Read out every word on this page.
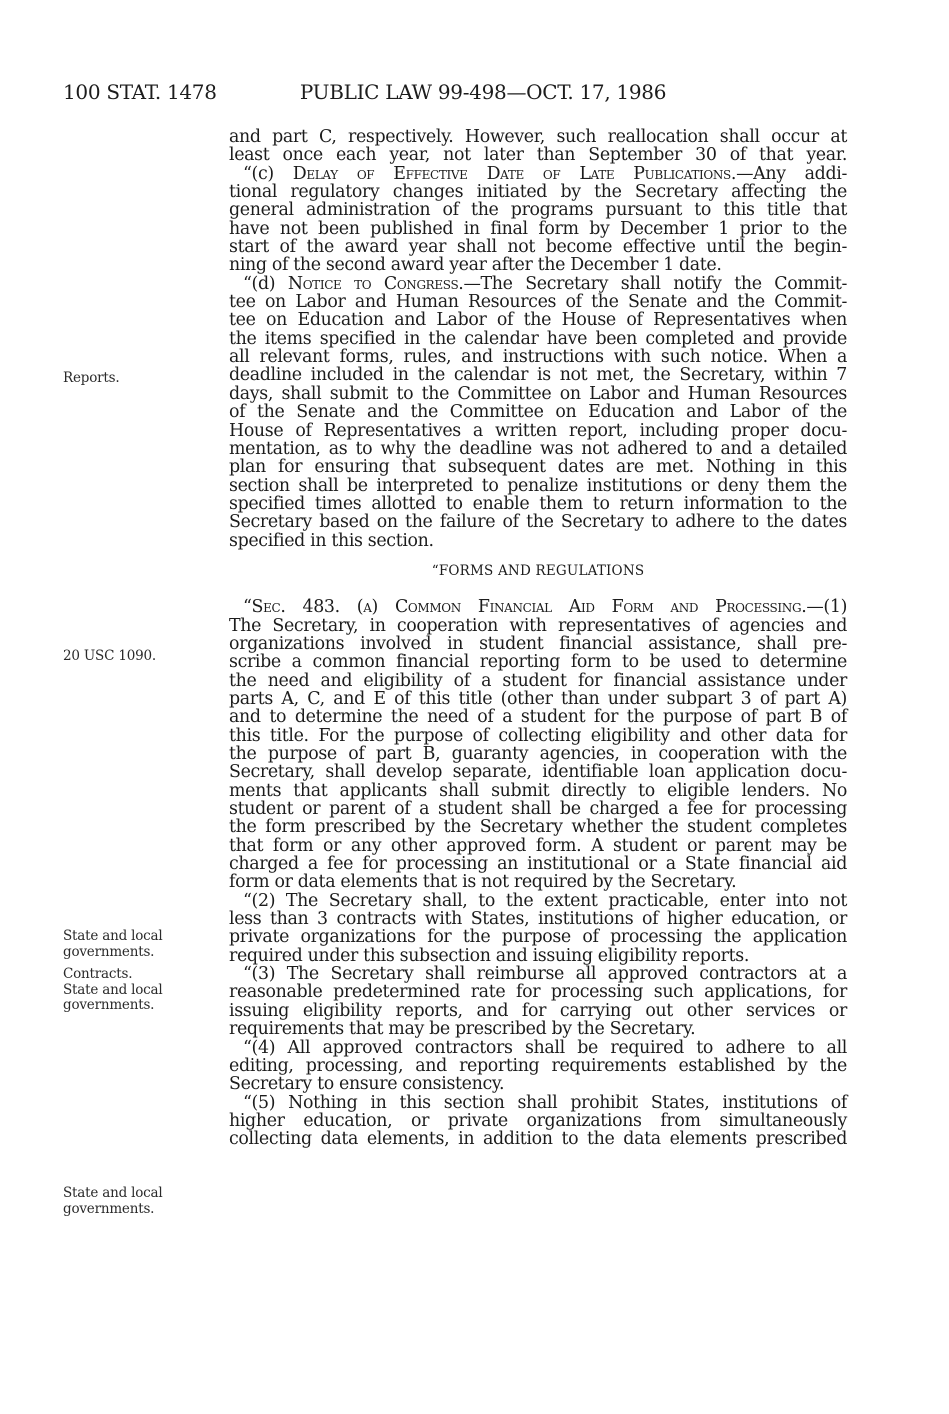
100 STAT. 1478	PUBLIC LAW 99-498—OCT. 17, 1986
Reports.
20 USC 1090.
State and local
governments.
Contracts.
State and local
governments.
State and local
governments.
and part C, respectively. However, such reallocation shall occur at
least once each year, not later than September 30 of that year.
“(c) Delay of Effective Date of Late Publications.—Any addi-
tional regulatory changes initiated by the Secretary affecting the
general administration of the programs pursuant to this title that
have not been published in final form by December 1 prior to the
start of the award year shall not become effective until the begin-
ning of the second award year after the December 1 date.
“(d) Notice to Congress.—The Secretary shall notify the Commit-
tee on Labor and Human Resources of the Senate and the Commit-
tee on Education and Labor of the House of Representatives when
the items specified in the calendar have been completed and provide
all relevant forms, rules, and instructions with such notice. When a
deadline included in the calendar is not met, the Secretary, within 7
days, shall submit to the Committee on Labor and Human Resources
of the Senate and the Committee on Education and Labor of the
House of Representatives a written report, including proper docu-
mentation, as to why the deadline was not adhered to and a detailed
plan for ensuring that subsequent dates are met. Nothing in this
section shall be interpreted to penalize institutions or deny them the
specified times allotted to enable them to return information to the
Secretary based on the failure of the Secretary to adhere to the dates
specified in this section.
“FORMS AND REGULATIONS
“Sec. 483. (a) Common Financial Aid Form and Processing.—(1)
The Secretary, in cooperation with representatives of agencies and
organizations involved in student financial assistance, shall pre-
scribe a common financial reporting form to be used to determine
the need and eligibility of a student for financial assistance under
parts A, C, and E of this title (other than under subpart 3 of part A)
and to determine the need of a student for the purpose of part B of
this title. For the purpose of collecting eligibility and other data for
the purpose of part B, guaranty agencies, in cooperation with the
Secretary, shall develop separate, identifiable loan application docu-
ments that applicants shall submit directly to eligible lenders. No
student or parent of a student shall be charged a fee for processing
the form prescribed by the Secretary whether the student completes
that form or any other approved form. A student or parent may be
charged a fee for processing an institutional or a State financial aid
form or data elements that is not required by the Secretary.
“(2) The Secretary shall, to the extent practicable, enter into not
less than 3 contracts with States, institutions of higher education, or
private organizations for the purpose of processing the application
required under this subsection and issuing eligibility reports.
“(3) The Secretary shall reimburse all approved contractors at a
reasonable predetermined rate for processing such applications, for
issuing eligibility reports, and for carrying out other services or
requirements that may be prescribed by the Secretary.
“(4) All approved contractors shall be required to adhere to all
editing, processing, and reporting requirements established by the
Secretary to ensure consistency.
“(5) Nothing in this section shall prohibit States, institutions of
higher education, or private organizations from simultaneously
collecting data elements, in addition to the data elements prescribed
